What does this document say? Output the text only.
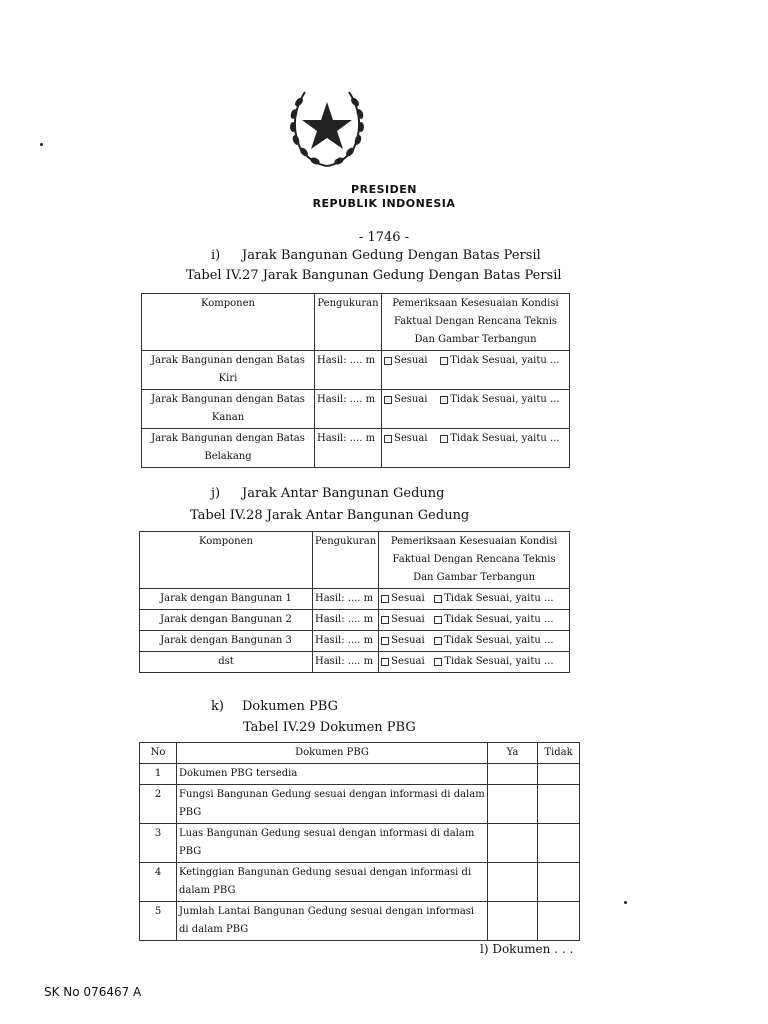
PRESIDEN
REPUBLIK INDONESIA
- 1746 -
i) Jarak Bangunan Gedung Dengan Batas Persil
Tabel IV.27 Jarak Bangunan Gedung Dengan Batas Persil
Komponen	Pengukuran	Pemeriksaan Kesesuaian Kondisi Faktual Dengan Rencana Teknis Dan Gambar Terbangun
Jarak Bangunan dengan Batas Kiri	Hasil: .... m	Sesuai Tidak Sesuai, yaitu ...
Jarak Bangunan dengan Batas Kanan	Hasil: .... m	Sesuai Tidak Sesuai, yaitu ...
Jarak Bangunan dengan Batas Belakang	Hasil: .... m	Sesuai Tidak Sesuai, yaitu ...
j) Jarak Antar Bangunan Gedung
Tabel IV.28 Jarak Antar Bangunan Gedung
Komponen	Pengukuran	Pemeriksaan Kesesuaian Kondisi Faktual Dengan Rencana Teknis Dan Gambar Terbangun
Jarak dengan Bangunan 1	Hasil: .... m	Sesuai Tidak Sesuai, yaitu ...
Jarak dengan Bangunan 2	Hasil: .... m	Sesuai Tidak Sesuai, yaitu ...
Jarak dengan Bangunan 3	Hasil: .... m	Sesuai Tidak Sesuai, yaitu ...
dst	Hasil: .... m	Sesuai Tidak Sesuai, yaitu ...
k) Dokumen PBG
Tabel IV.29 Dokumen PBG
No	Dokumen PBG	Ya	Tidak
1	Dokumen PBG tersedia		
2	Fungsi Bangunan Gedung sesuai dengan informasi di dalam PBG		
3	Luas Bangunan Gedung sesuai dengan informasi di dalam PBG		
4	Ketinggian Bangunan Gedung sesuai dengan informasi di dalam PBG		
5	Jumlah Lantai Bangunan Gedung sesuai dengan informasi di dalam PBG		
l) Dokumen . . .
SK No 076467 A
